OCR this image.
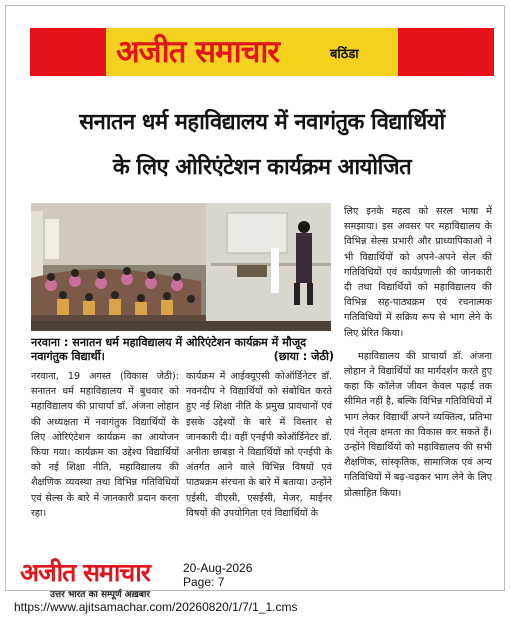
अजीत समाचार	बठिंडा
सनातन धर्म महाविद्यालय में नवागंतुक विद्यार्थियों
के लिए ओरिएंटेशन कार्यक्रम आयोजित
नरवाना : सनातन धर्म महाविद्यालय में ओरिएंटेशन कार्यक्रम में मौजूद नवागंतुक विद्यार्थी।	(छाया : जेठी)

नरवाना, 19 अगस्त (विकास जेठी): सनातन धर्म महाविद्यालय में बुधवार को महाविद्यालय की प्राचार्या डॉ. अंजना लोहान की अध्यक्षता में नवागंतुक विद्यार्थियों के लिए ओरिएंटेशन कार्यक्रम का आयोजन किया गया। कार्यक्रम का उद्देश्य विद्यार्थियों को नई शिक्षा नीति, महाविद्यालय की शैक्षणिक व्यवस्था तथा विभिन्न गतिविधियों एवं सेल्स के बारे में जानकारी प्रदान करना रहा।

कार्यक्रम में आईक्यूएसी कोऑर्डिनेटर डॉ. नवनदीप ने विद्यार्थियों को संबोधित करते हुए नई शिक्षा नीति के प्रमुख प्रावधानों एवं इसके उद्देश्यों के बारे में विस्तार से जानकारी दी। वहीं एनईपी कोऑर्डिनेटर डॉ. अनीता छाबड़ा ने विद्यार्थियों को एनईपी के अंतर्गत आने वाले विभिन्न विषयों एवं पाठ्यक्रम संरचना के बारे में बताया। उन्होंने एईसी, वीएसी, एसईसी, मेजर, माईनर विषयों की उपयोगिता एवं विद्यार्थियों के

लिए इनके महत्व को सरल भाषा में समझाया। इस अवसर पर महाविद्यालय के विभिन्न सेल्स प्रभारी और प्राध्यापिकाओं ने भी विद्यार्थियों को अपने-अपने सेल की गतिविधियों एवं कार्यप्रणाली की जानकारी दी तथा विद्यार्थियों को महाविद्यालय की विभिन्न सह-पाठ्यक्रम एवं रचनात्मक गतिविधियों में सक्रिय रूप से भाग लेने के लिए प्रेरित किया।

महाविद्यालय की प्राचार्या डॉ. अंजना लोहान ने विद्यार्थियों का मार्गदर्शन करते हुए कहा कि कॉलेज जीवन केवल पढ़ाई तक सीमित नहीं है, बल्कि विभिन्न गतिविधियों में भाग लेकर विद्यार्थी अपने व्यक्तित्व, प्रतिभा एवं नेतृत्व क्षमता का विकास कर सकते हैं। उन्होंने विद्यार्थियों को महाविद्यालय की सभी शैक्षणिक, सांस्कृतिक, सामाजिक एवं अन्य गतिविधियों में बढ़-चढ़कर भाग लेने के लिए प्रोत्साहित किया।

अजीत समाचार
उत्तर भारत का सम्पूर्ण अख़बार
20-Aug-2026
Page: 7
https://www.ajitsamachar.com/20260820/1/7/1_1.cms
